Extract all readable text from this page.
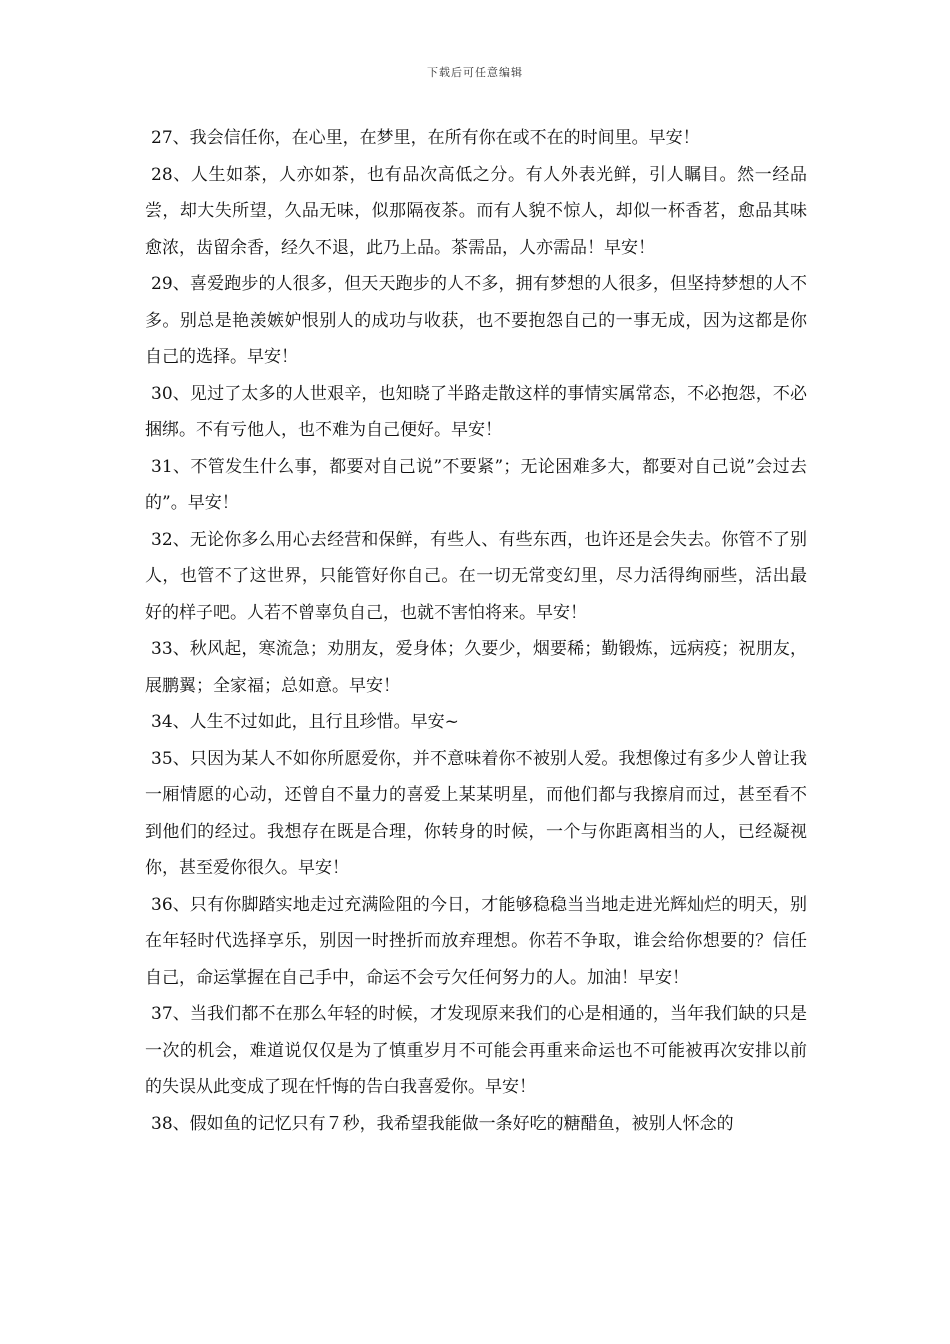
下载后可任意编辑

27、我会信任你，在心里，在梦里，在所有你在或不在的时间里。早安！

28、人生如茶，人亦如茶，也有品次高低之分。有人外表光鲜，引人瞩目。然一经品尝，却大失所望，久品无味，似那隔夜茶。而有人貌不惊人，却似一杯香茗，愈品其味愈浓，齿留余香，经久不退，此乃上品。茶需品，人亦需品！早安！

29、喜爱跑步的人很多，但天天跑步的人不多，拥有梦想的人很多，但坚持梦想的人不多。别总是艳羡嫉妒恨别人的成功与收获，也不要抱怨自己的一事无成，因为这都是你自己的选择。早安！

30、见过了太多的人世艰辛，也知晓了半路走散这样的事情实属常态，不必抱怨，不必捆绑。不有亏他人，也不难为自己便好。早安！

31、不管发生什么事，都要对自己说”不要紧”；无论困难多大，都要对自己说”会过去的”。早安！

32、无论你多么用心去经营和保鲜，有些人、有些东西，也许还是会失去。你管不了别人，也管不了这世界，只能管好你自己。在一切无常变幻里，尽力活得绚丽些，活出最好的样子吧。人若不曾辜负自己，也就不害怕将来。早安！

33、秋风起，寒流急；劝朋友，爱身体；久要少，烟要稀；勤锻炼，远病疫；祝朋友，展鹏翼；全家福；总如意。早安！

34、人生不过如此，且行且珍惜。早安~

35、只因为某人不如你所愿爱你，并不意味着你不被别人爱。我想像过有多少人曾让我一厢情愿的心动，还曾自不量力的喜爱上某某明星，而他们都与我擦肩而过，甚至看不到他们的经过。我想存在既是合理，你转身的时候，一个与你距离相当的人，已经凝视你，甚至爱你很久。早安！

36、只有你脚踏实地走过充满险阻的今日，才能够稳稳当当地走进光辉灿烂的明天，别在年轻时代选择享乐，别因一时挫折而放弃理想。你若不争取，谁会给你想要的？信任自己，命运掌握在自己手中，命运不会亏欠任何努力的人。加油！早安！

37、当我们都不在那么年轻的时候，才发现原来我们的心是相通的，当年我们缺的只是一次的机会，难道说仅仅是为了慎重岁月不可能会再重来命运也不可能被再次安排以前的失误从此变成了现在忏悔的告白我喜爱你。早安！

38、假如鱼的记忆只有７秒，我希望我能做一条好吃的糖醋鱼，被别人怀念的
